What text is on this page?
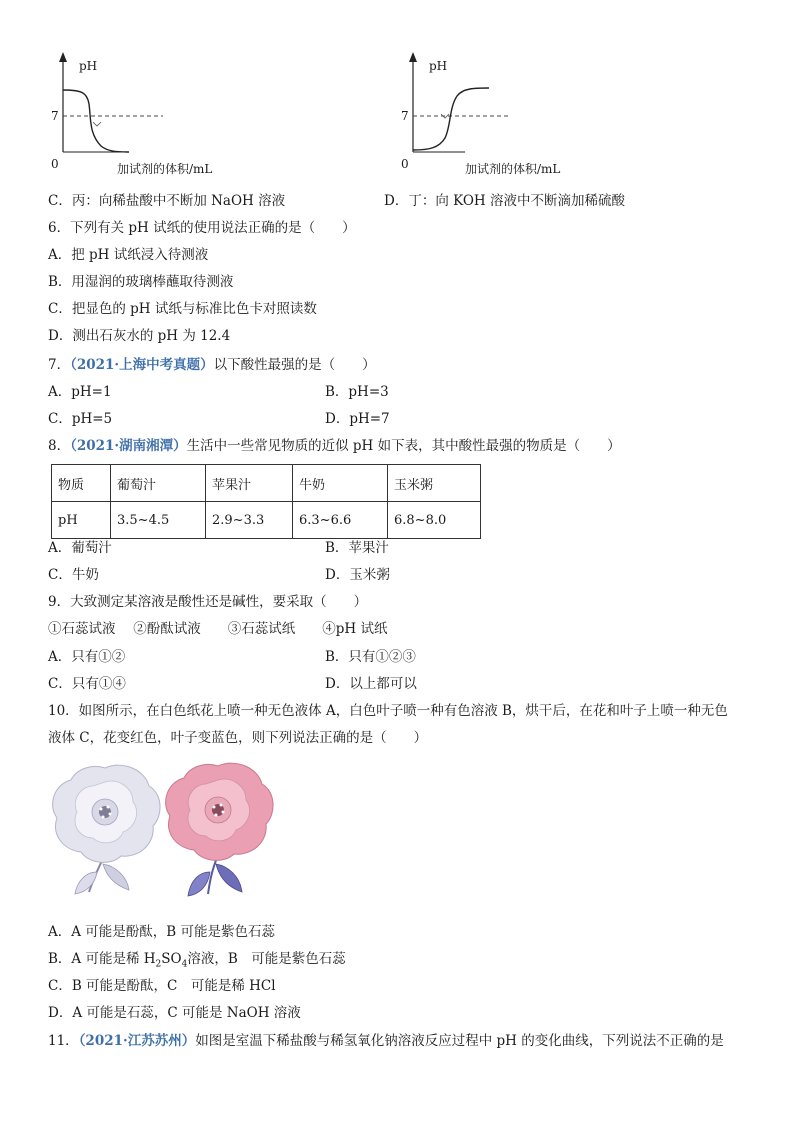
pH
7
0	加试剂的体积/mL
pH
7
0	加试剂的体积/mL
C．丙：向稀盐酸中不断加 NaOH 溶液	D．丁：向 KOH 溶液中不断滴加稀硫酸
6．下列有关 pH 试纸的使用说法正确的是（　　）
A．把 pH 试纸浸入待测液
B．用湿润的玻璃棒蘸取待测液
C．把显色的 pH 试纸与标准比色卡对照读数
D．测出石灰水的 pH 为 12.4
7．（2021·上海中考真题）以下酸性最强的是（　　）
A．pH=1	B．pH=3
C．pH=5	D．pH=7
8．（2021·湖南湘潭）生活中一些常见物质的近似 pH 如下表，其中酸性最强的物质是（　　）
物质	葡萄汁	苹果汁	牛奶	玉米粥
pH	3.5~4.5	2.9~3.3	6.3~6.6	6.8~8.0
A．葡萄汁	B．苹果汁
C．牛奶	D．玉米粥
9．大致测定某溶液是酸性还是碱性，要采取（　　）
①石蕊试液　 ②酚酞试液　　③石蕊试纸　　④pH 试纸
A．只有①②	B．只有①②③
C．只有①④	D．以上都可以
10．如图所示，在白色纸花上喷一种无色液体 A，白色叶子喷一种有色溶液 B，烘干后，在花和叶子上喷一种无色
液体 C，花变红色，叶子变蓝色，则下列说法正确的是（　　）
A．A 可能是酚酞，B 可能是紫色石蕊
B．A 可能是稀 $H_2SO_4$溶液，B　可能是紫色石蕊
C．B 可能是酚酞，C　可能是稀 HCl
D．A 可能是石蕊，C 可能是 NaOH 溶液
11．（2021·江苏苏州）如图是室温下稀盐酸与稀氢氧化钠溶液反应过程中 pH 的变化曲线，下列说法不正确的是
